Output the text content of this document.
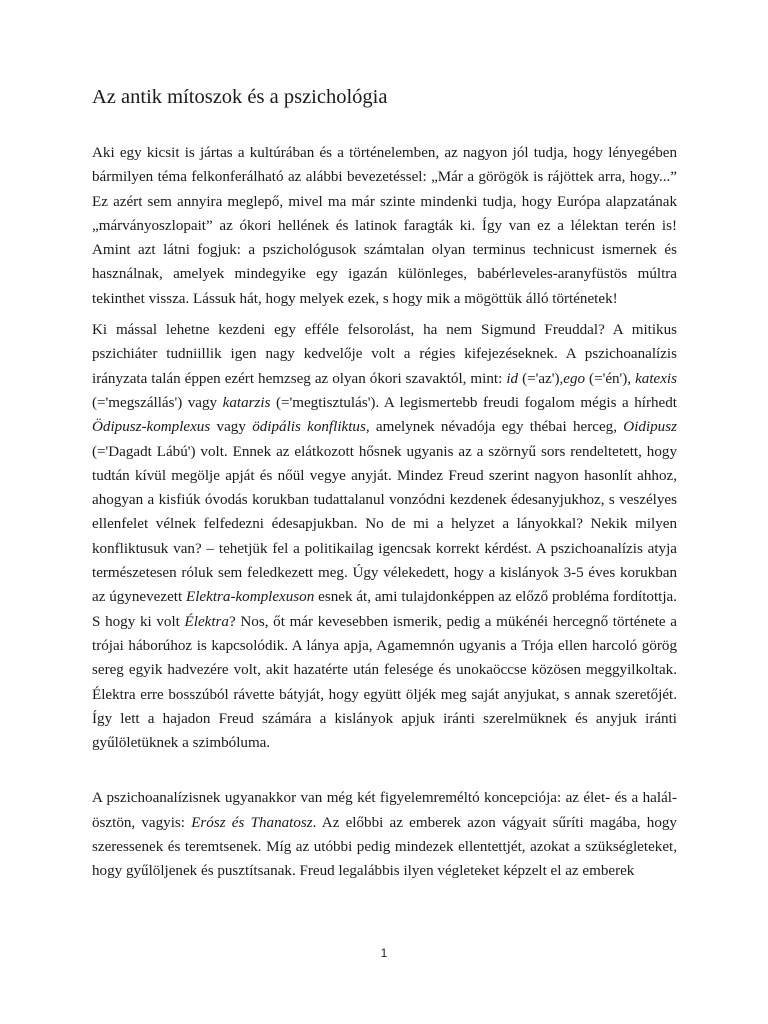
Az antik mítoszok és a pszichológia

Aki egy kicsit is jártas a kultúrában és a történelemben, az nagyon jól tudja, hogy lényegében bármilyen téma felkonferálható az alábbi bevezetéssel: „Már a görögök is rájöttek arra, hogy...” Ez azért sem annyira meglepő, mivel ma már szinte mindenki tudja, hogy Európa alapzatának „márványoszlopait” az ókori hellének és latinok faragták ki. Így van ez a lélektan terén is! Amint azt látni fogjuk: a pszichológusok számtalan olyan terminus technicust ismernek és használnak, amelyek mindegyike egy igazán különleges, babérleveles-aranyfüstös múltra tekinthet vissza. Lássuk hát, hogy melyek ezek, s hogy mik a mögöttük álló történetek!

Ki mással lehetne kezdeni egy efféle felsorolást, ha nem Sigmund Freuddal? A mitikus pszichiáter tudniillik igen nagy kedvelője volt a régies kifejezéseknek. A pszichoanalízis irányzata talán éppen ezért hemzseg az olyan ókori szavaktól, mint: id (='az'),ego (='én'), katexis (='megszállás') vagy katarzis (='megtisztulás'). A legismertebb freudi fogalom mégis a hírhedt Ödipusz-komplexus vagy ödipális konfliktus, amelynek névadója egy thébai herceg, Oidipusz (='Dagadt Lábú') volt. Ennek az elátkozott hősnek ugyanis az a szörnyű sors rendeltetett, hogy tudtán kívül megölje apját és nőül vegye anyját. Mindez Freud szerint nagyon hasonlít ahhoz, ahogyan a kisfiúk óvodás korukban tudattalanul vonzódni kezdenek édesanyjukhoz, s veszélyes ellenfelet vélnek felfedezni édesapjukban. No de mi a helyzet a lányokkal? Nekik milyen konfliktusuk van? – tehetjük fel a politikailag igencsak korrekt kérdést. A pszichoanalízis atyja természetesen róluk sem feledkezett meg. Úgy vélekedett, hogy a kislányok 3-5 éves korukban az úgynevezett Elektra-komplexuson esnek át, ami tulajdonképpen az előző probléma fordítottja. S hogy ki volt Élektra? Nos, őt már kevesebben ismerik, pedig a mükénéi hercegnő története a trójai háborúhoz is kapcsolódik. A lánya apja, Agamemnón ugyanis a Trója ellen harcoló görög sereg egyik hadvezére volt, akit hazatérte után felesége és unokaöccse közösen meggyilkoltak. Élektra erre bosszúból rávette bátyját, hogy együtt öljék meg saját anyjukat, s annak szeretőjét. Így lett a hajadon Freud számára a kislányok apjuk iránti szerelmüknek és anyjuk iránti gyűlöletüknek a szimbóluma.

A pszichoanalízisnek ugyanakkor van még két figyelemreméltó koncepciója: az élet- és a halál-ösztön, vagyis: Erósz és Thanatosz. Az előbbi az emberek azon vágyait sűríti magába, hogy szeressenek és teremtsenek. Míg az utóbbi pedig mindezek ellentettjét, azokat a szükségleteket, hogy gyűlöljenek és pusztítsanak. Freud legalábbis ilyen végleteket képzelt el az emberek

1
